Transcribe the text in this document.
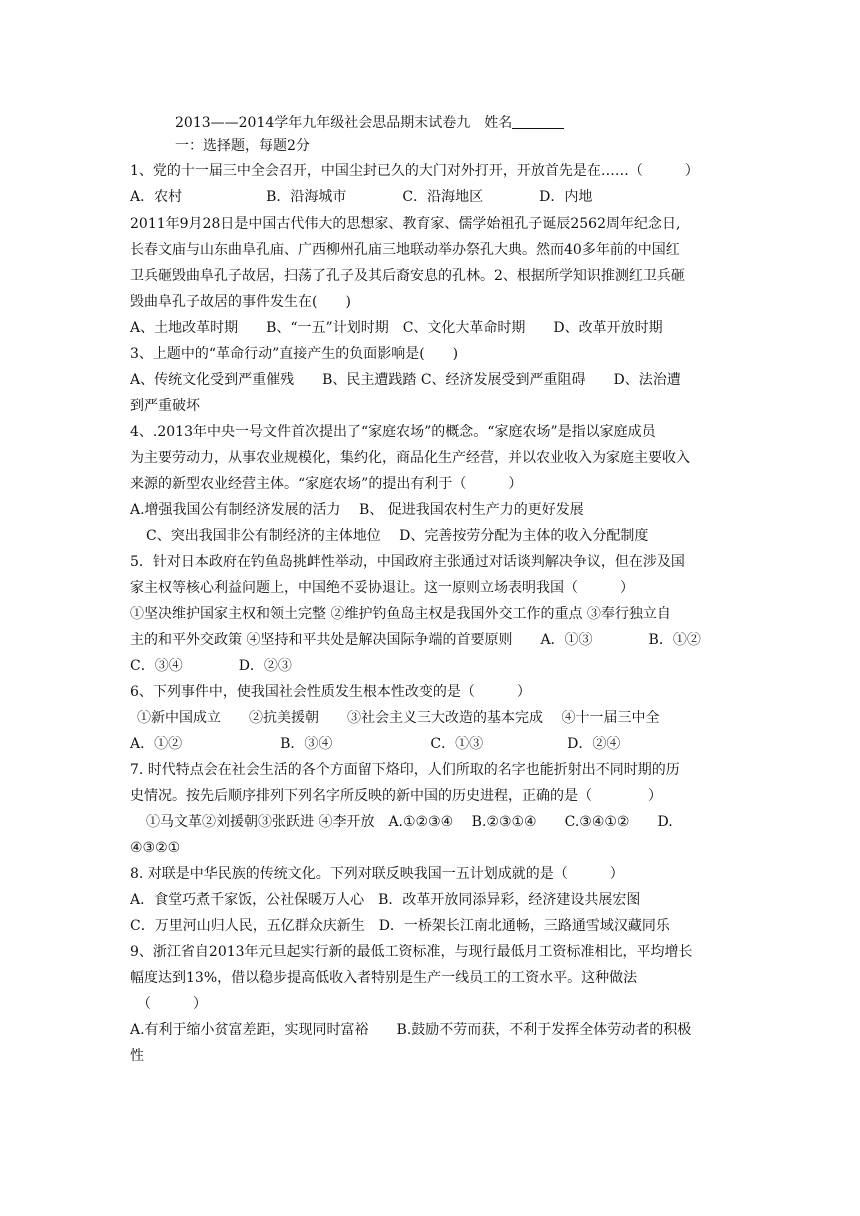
2013——2014学年九年级社会思品期末试卷九　姓名
一：选择题，每题2分
1、党的十一届三中全会召开，中国尘封已久的大门对外打开，开放首先是在……（　　　）
A．农村　　　　　　B．沿海城市　　　　C．沿海地区　　　　D．内地
2011年9月28日是中国古代伟大的思想家、教育家、儒学始祖孔子诞辰2562周年纪念日,
长春文庙与山东曲阜孔庙、广西柳州孔庙三地联动举办祭孔大典。然而40多年前的中国红
卫兵砸毁曲阜孔子故居，扫荡了孔子及其后裔安息的孔林。2、根据所学知识推测红卫兵砸
毁曲阜孔子故居的事件发生在(　　)
A、土地改革时期　　B、“一五”计划时期　C、文化大革命时期　　D、改革开放时期
3、上题中的“革命行动”直接产生的负面影响是(　　)
A、传统文化受到严重催残　　B、民主遭践踏 C、经济发展受到严重阻碍　　D、法治遭
到严重破坏
4、.2013年中央一号文件首次提出了“家庭农场”的概念。“家庭农场”是指以家庭成员
为主要劳动力，从事农业规模化，集约化，商品化生产经营，并以农业收入为家庭主要收入
来源的新型农业经营主体。“家庭农场”的提出有利于（　　　）
A.增强我国公有制经济发展的活力　 B、 促进我国农村生产力的更好发展
C、突出我国非公有制经济的主体地位　 D、完善按劳分配为主体的收入分配制度
5．针对日本政府在钓鱼岛挑衅性举动，中国政府主张通过对话谈判解决争议，但在涉及国
家主权等核心利益问题上，中国绝不妥协退让。这一原则立场表明我国（　　　）
①坚决维护国家主权和领土完整 ②维护钓鱼岛主权是我国外交工作的重点 ③奉行独立自
主的和平外交政策 ④坚持和平共处是解决国际争端的首要原则　　A．①③　　　　B．①②
C．③④　　　　D．②③
6、下列事件中，使我国社会性质发生根本性改变的是（　　　）
①新中国成立　　②抗美援朝　　③社会主义三大改造的基本完成　 ④十一届三中全
A．①②　　　　　　　B．③④　　　　　　　C．①③　　　　　　D．②④
7. 时代特点会在社会生活的各个方面留下烙印，人们所取的名字也能折射出不同时期的历
史情况。按先后顺序排列下列名字所反映的新中国的历史进程，正确的是（　　　　）
①马文革②刘援朝③张跃进 ④李开放　A.①②③④　 B.②③①④　　C.③④①②　　D.
④③②①
8. 对联是中华民族的传统文化。下列对联反映我国一五计划成就的是（　　　）
A．食堂巧煮千家饭，公社保暖万人心　B．改革开放同添异彩，经济建设共展宏图
C．万里河山归人民，五亿群众庆新生　D．一桥架长江南北通畅，三路通雪域汉藏同乐
9、浙江省自2013年元旦起实行新的最低工资标准，与现行最低月工资标准相比，平均增长
幅度达到13%，借以稳步提高低收入者特别是生产一线员工的工资水平。这种做法
（　　　）
A.有利于缩小贫富差距，实现同时富裕　　B.鼓励不劳而获，不利于发挥全体劳动者的积极
性
